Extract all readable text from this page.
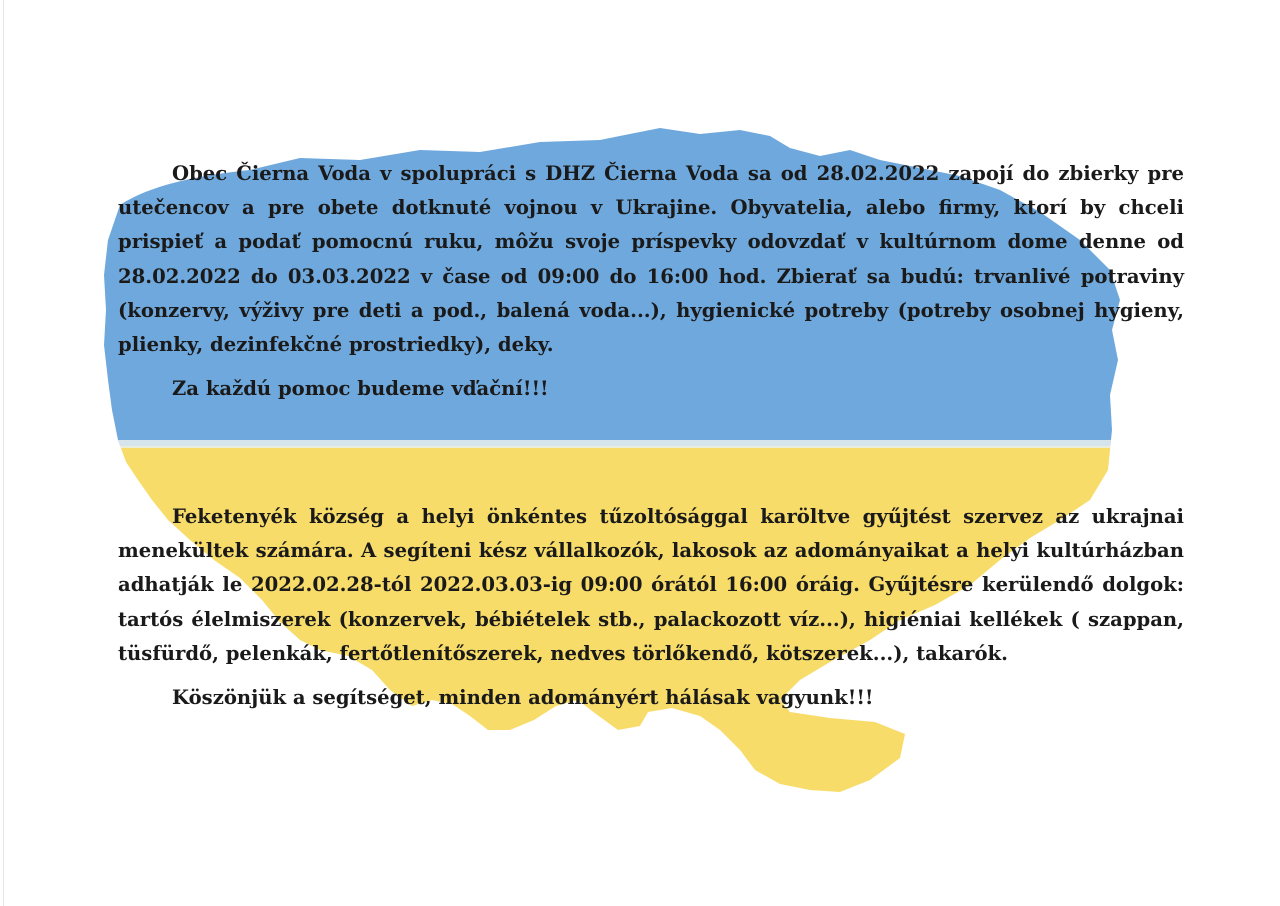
Obec Čierna Voda v spolupráci s DHZ Čierna Voda sa od 28.02.2022 zapojí do zbierky pre utečencov a pre obete dotknuté vojnou v Ukrajine. Obyvatelia, alebo firmy, ktorí by chceli prispieť a podať pomocnú ruku, môžu svoje príspevky odovzdať v kultúrnom dome denne od 28.02.2022 do 03.03.2022 v čase od 09:00 do 16:00 hod. Zbierať sa budú: trvanlivé potraviny (konzervy, výživy pre deti a pod., balená voda...), hygienické potreby (potreby osobnej hygieny, plienky, dezinfekčné prostriedky), deky.

Za každú pomoc budeme vďační!!!

Feketenyék község a helyi önkéntes tűzoltósággal karöltve gyűjtést szervez az ukrajnai menekültek számára. A segíteni kész vállalkozók, lakosok az adományaikat a helyi kultúrházban adhatják le 2022.02.28-tól 2022.03.03-ig 09:00 órától 16:00 óráig. Gyűjtésre kerülendő dolgok: tartós élelmiszerek (konzervek, bébiételek stb., palackozott víz...), higiéniai kellékek ( szappan, tüsfürdő, pelenkák, fertőtlenítőszerek, nedves törlőkendő, kötszerek...), takarók.

Köszönjük a segítséget, minden adományért hálásak vagyunk!!!
